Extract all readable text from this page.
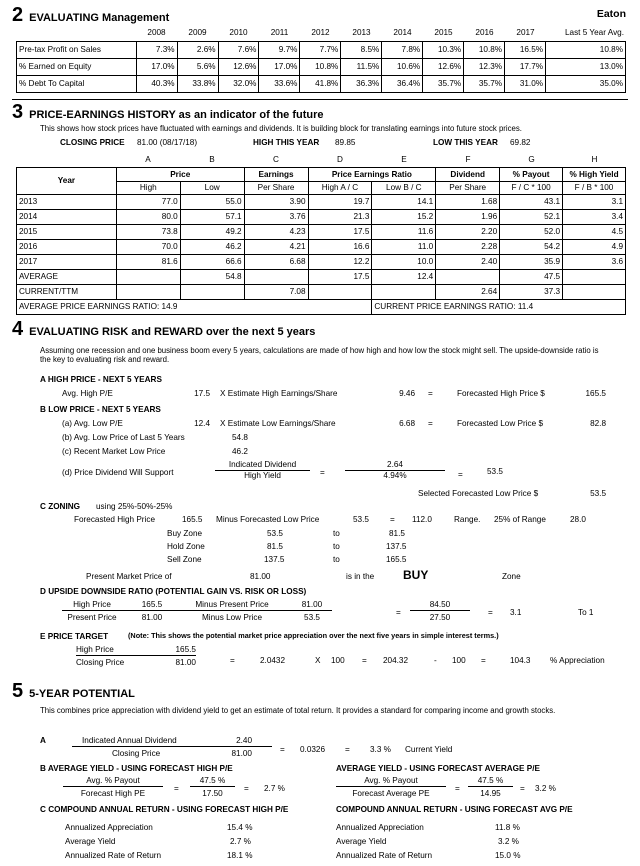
2 EVALUATING Management	Eaton
	2008	2009	2010	2011	2012	2013	2014	2015	2016	2017	Last 5 Year Avg.
Pre-tax Profit on Sales	7.3%	2.6%	7.6%	9.7%	7.7%	8.5%	7.8%	10.3%	10.8%	16.5%	10.8%
% Earned on Equity	17.0%	5.6%	12.6%	17.0%	10.8%	11.5%	10.6%	12.6%	12.3%	17.7%	13.0%
% Debt To Capital	40.3%	33.8%	32.0%	33.6%	41.8%	36.3%	36.4%	35.7%	35.7%	31.0%	35.0%
3 PRICE-EARNINGS HISTORY as an indicator of the future
This shows how stock prices have fluctuated with earnings and dividends. It is building block for translating earnings into future stock prices.
CLOSING PRICE 81.00 (08/17/18)	HIGH THIS YEAR 89.85	LOW THIS YEAR 69.82
	A	B	C	D	E	F	G	H
Year	Price		Earnings	Price Earnings Ratio		Dividend	% Payout	% High Yield
	High	Low	Per Share	High A / C	Low B / C	Per Share	F / C * 100	F / B * 100
2013	77.0	55.0	3.90	19.7	14.1	1.68	43.1	3.1
2014	80.0	57.1	3.76	21.3	15.2	1.96	52.1	3.4
2015	73.8	49.2	4.23	17.5	11.6	2.20	52.0	4.5
2016	70.0	46.2	4.21	16.6	11.0	2.28	54.2	4.9
2017	81.6	66.6	6.68	12.2	10.0	2.40	35.9	3.6
AVERAGE		54.8		17.5	12.4		47.5	
CURRENT/TTM			7.08			2.64	37.3	
AVERAGE PRICE EARNINGS RATIO: 14.9					CURRENT PRICE EARNINGS RATIO: 11.4			
4 EVALUATING RISK and REWARD over the next 5 years
Assuming one recession and one business boom every 5 years, calculations are made of how high and how low the stock might sell. The upside-downside ratio is the key to evaluating risk and reward.
A HIGH PRICE - NEXT 5 YEARS
Avg. High P/E	17.5 X Estimate High Earnings/Share	9.46 =	Forecasted High Price $	165.5
B LOW PRICE - NEXT 5 YEARS
(a) Avg. Low P/E	12.4 X Estimate Low Earnings/Share	6.68 =	Forecasted Low Price $	82.8
(b) Avg. Low Price of Last 5 Years	54.8
(c) Recent Market Low Price	46.2
(d) Price Dividend Will Support
Indicated Dividend
High Yield	= $\frac{2.64}{4.94\%}$ =	53.5
Selected Forecasted Low Price $	53.5
C ZONING using 25%-50%-25%
Forecasted High Price	165.5 Minus Forecasted Low Price	53.5	= 112.0	Range. 25% of Range	28.0
Buy Zone	53.5	to	81.5
Hold Zone	81.5	to	137.5
Sell Zone	137.5	to	165.5
Present Market Price of	81.00	is in the BUY	Zone
D UPSIDE DOWNSIDE RATIO (POTENTIAL GAIN VS. RISK OR LOSS)
High Price	165.5	Minus Present Price	81.00
Present Price	81.00	Minus Low Price	53.5
= $\frac{84.50}{27.50} = 3.1$	To 1
E PRICE TARGET	(Note: This shows the potential market price appreciation over the next five years in simple interest terms.)
High Price	165.5
Closing Price	81.00	=	2.0432	X 100 = 204.32	- 100 =	104.3 % Appreciation
5 5-YEAR POTENTIAL
This combines price appreciation with dividend yield to get an estimate of total return. It provides a standard for comparing income and growth stocks.
A	Indicated Annual Dividend	2.40
Closing Price	81.00	= 0.0326 = 3.3 % Current Yield
B AVERAGE YIELD - USING FORECAST HIGH P/E
Avg. % Payout
Forecast High PE
= $\frac{47.5 \%}{17.50} = 2.7$ %
AVERAGE YIELD - USING FORECAST AVERAGE P/E
Avg. % Payout
Forecast Average PE
= $\frac{47.5 \%}{14.95} = 3.2$ %
C COMPOUND ANNUAL RETURN - USING FORECAST HIGH P/E
Annualized Appreciation	15.4 %
Average Yield	2.7 %
Annualized Rate of Return	18.1 %
COMPOUND ANNUAL RETURN - USING FORECAST AVG P/E
Annualized Appreciation	11.8 %
Average Yield	3.2 %
Annualized Rate of Return	15.0 %
